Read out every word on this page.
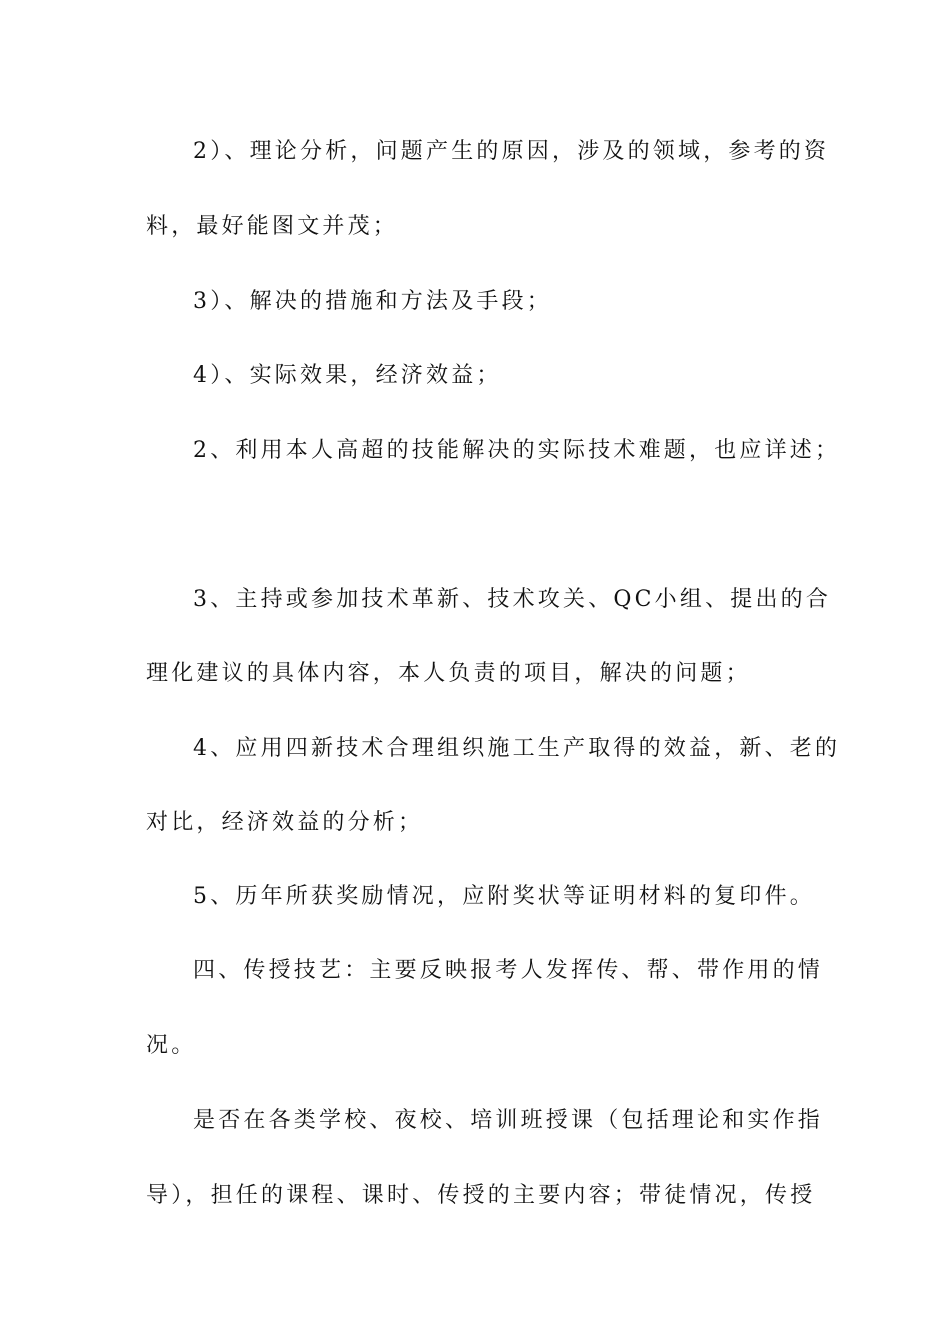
2）、理论分析，问题产生的原因，涉及的领域，参考的资
料，最好能图文并茂；
3）、解决的措施和方法及手段；
4）、实际效果，经济效益；
2、利用本人高超的技能解决的实际技术难题，也应详述；
3、主持或参加技术革新、技术攻关、QC小组、提出的合
理化建议的具体内容，本人负责的项目，解决的问题；
4、应用四新技术合理组织施工生产取得的效益，新、老的
对比，经济效益的分析；
5、历年所获奖励情况，应附奖状等证明材料的复印件。
四、传授技艺：主要反映报考人发挥传、帮、带作用的情
况。
是否在各类学校、夜校、培训班授课（包括理论和实作指
导），担任的课程、课时、传授的主要内容；带徒情况，传授
